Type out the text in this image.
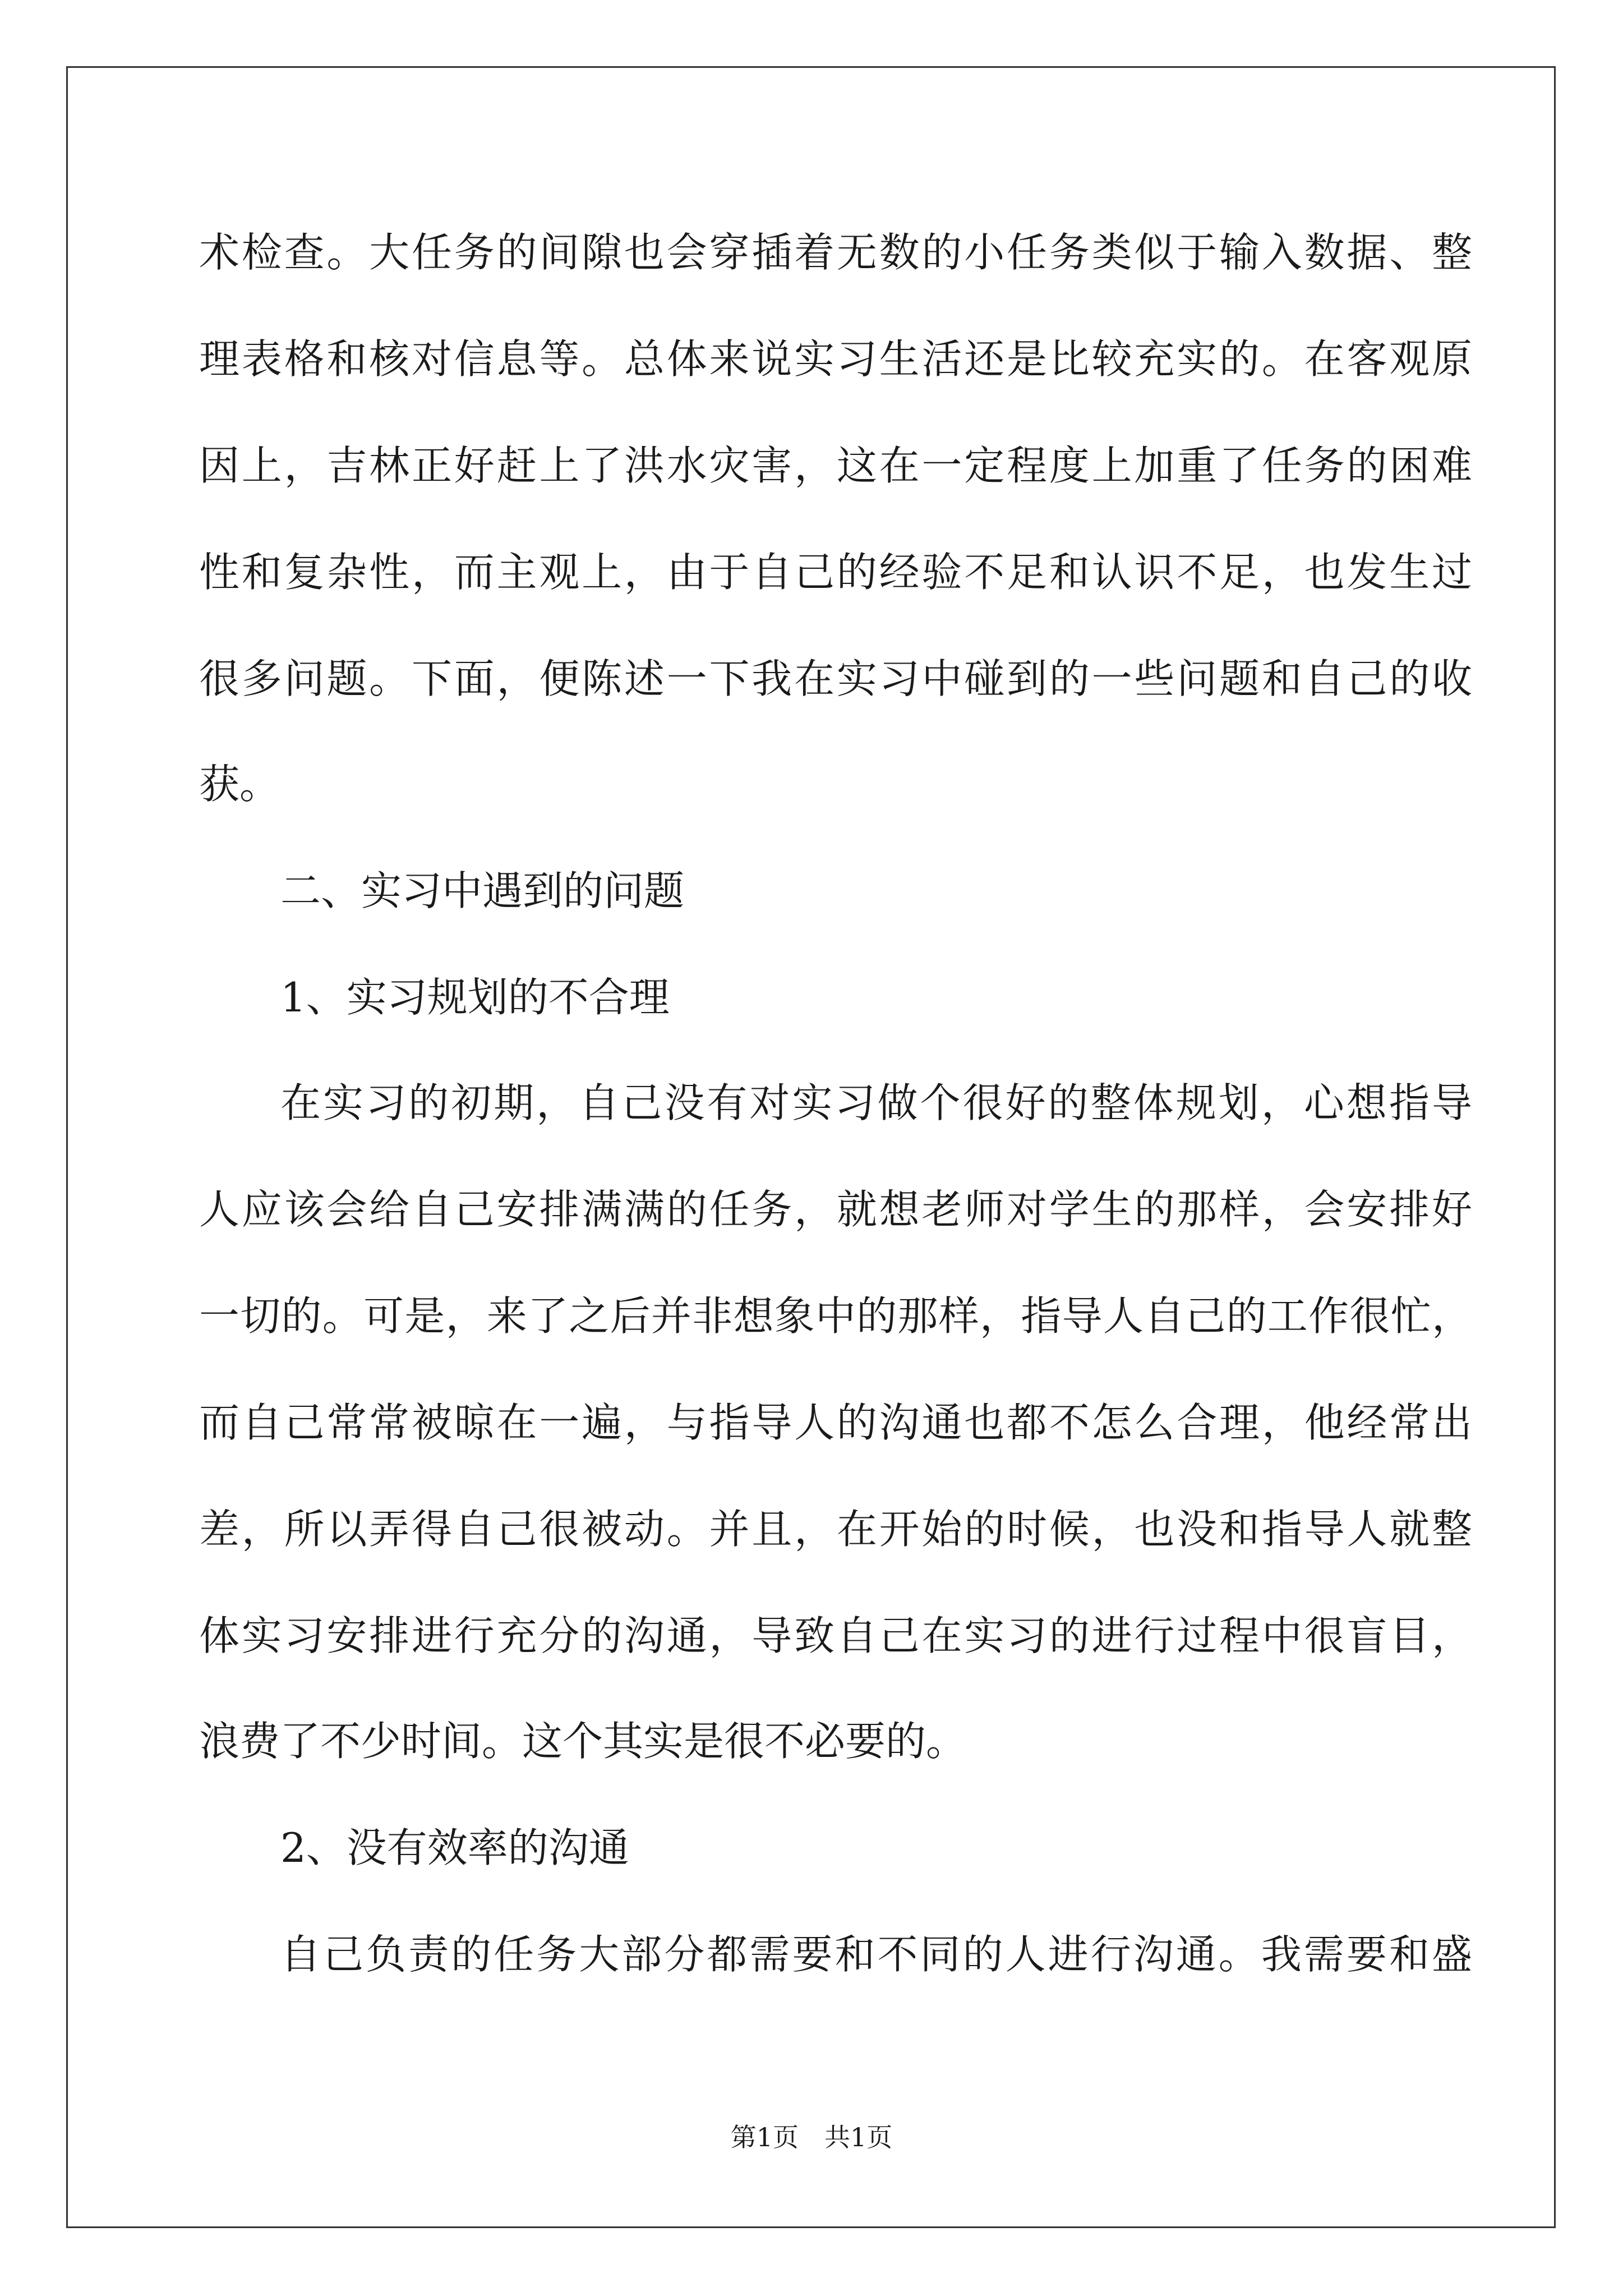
术检查。大任务的间隙也会穿插着无数的小任务类似于输入数据、整
理表格和核对信息等。总体来说实习生活还是比较充实的。在客观原
因上，吉林正好赶上了洪水灾害，这在一定程度上加重了任务的困难
性和复杂性，而主观上，由于自己的经验不足和认识不足，也发生过
很多问题。下面，便陈述一下我在实习中碰到的一些问题和自己的收
获。
二、实习中遇到的问题
1、实习规划的不合理
在实习的初期，自己没有对实习做个很好的整体规划，心想指导
人应该会给自己安排满满的任务，就想老师对学生的那样，会安排好
一切的。可是，来了之后并非想象中的那样，指导人自己的工作很忙，
而自己常常被晾在一遍，与指导人的沟通也都不怎么合理，他经常出
差，所以弄得自己很被动。并且，在开始的时候，也没和指导人就整
体实习安排进行充分的沟通，导致自己在实习的进行过程中很盲目，
浪费了不少时间。这个其实是很不必要的。
2、没有效率的沟通
自己负责的任务大部分都需要和不同的人进行沟通。我需要和盛
第1页　共1页
